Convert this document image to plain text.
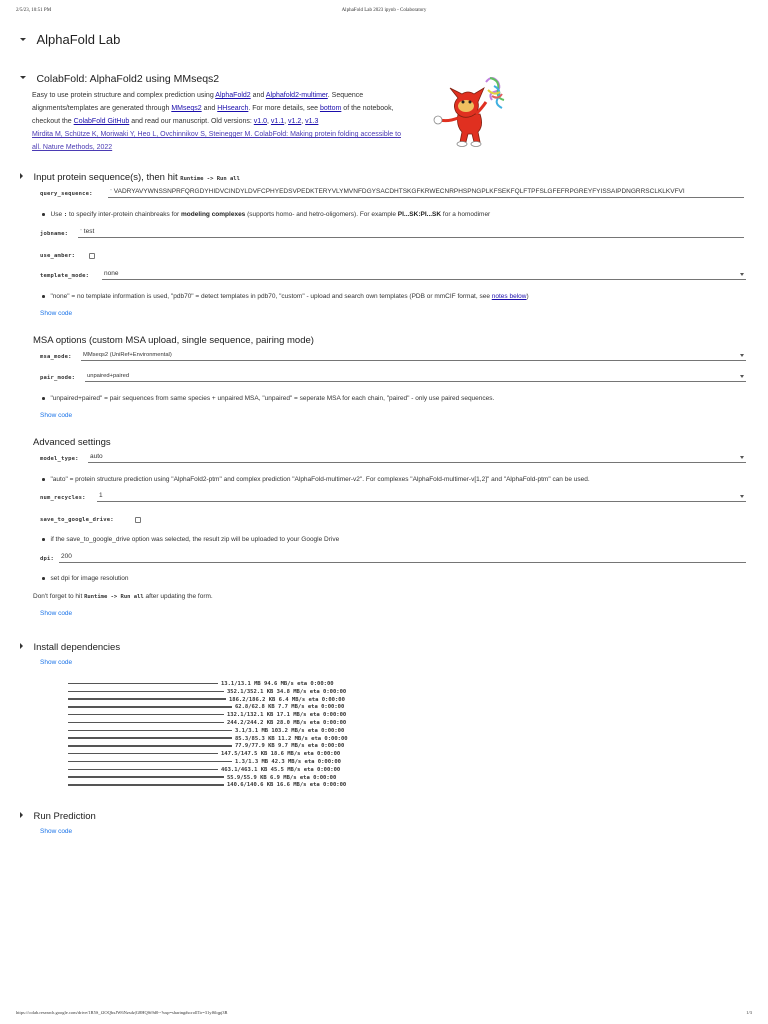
2/5/23, 10:51 PM	AlphaFold Lab 2023 ipynb - Colaboratory
AlphaFold Lab
ColabFold: AlphaFold2 using MMseqs2
Easy to use protein structure and complex prediction using AlphaFold2 and Alphafold2-multimer. Sequence alignments/templates are generated through MMseqs2 and HHsearch. For more details, see bottom of the notebook, checkout the ColabFold GitHub and read our manuscript. Old versions: v1.0, v1.1, v1.2, v1.3
Mirdita M, Schütze K, Moriwaki Y, Heo L, Ovchinnikov S, Steinegger M. ColabFold: Making protein folding accessible to all. Nature Methods, 2022
Input protein sequence(s), then hit Runtime -> Run all
query_sequence:	" VADRYAVYWNSSNPRFQRGDYHIDVCINDYLDVFCPHYEDSVPEDKTERYVLYMVNFDGYSACDHTSKGFKRWECNRPHSPNGPLKFSEKFQLFTPFSLGFEFRPGREYFYISSAIPDNGRRSCLKLKVFVI
Use : to specify inter-protein chainbreaks for modeling complexes (supports homo- and hetro-oligomers). For example PI...SK:PI...SK for a homodimer
jobname:	" test
use_amber:
template_mode:	none
"none" = no template information is used, "pdb70" = detect templates in pdb70, "custom" - upload and search own templates (PDB or mmCIF format, see notes below)
Show code
MSA options (custom MSA upload, single sequence, pairing mode)
msa_mode:	MMseqs2 (UniRef+Environmental)
pair_mode:	unpaired+paired
"unpaired+paired" = pair sequences from same species + unpaired MSA, "unpaired" = seperate MSA for each chain, "paired" - only use paired sequences.
Show code
Advanced settings
model_type:	auto
"auto" = protein structure prediction using "AlphaFold2-ptm" and complex prediction "AlphaFold-multimer-v2". For complexes "AlphaFold-multimer-v[1,2]" and "AlphaFold-ptm" can be used.
num_recycles:	1
save_to_google_drive:
if the save_to_google_drive option was selected, the result zip will be uploaded to your Google Drive
dpi:	200
set dpi for image resolution
Don't forget to hit Runtime -> Run all after updating the form.
Show code
Install dependencies
Show code
13.1/13.1 MB 94.6 MB/s eta 0:00:00
352.1/352.1 KB 34.8 MB/s eta 0:00:00
186.2/186.2 KB 6.4 MB/s eta 0:00:00
62.8/62.8 KB 7.7 MB/s eta 0:00:00
132.1/132.1 KB 17.1 MB/s eta 0:00:00
244.2/244.2 KB 28.0 MB/s eta 0:00:00
3.1/3.1 MB 103.2 MB/s eta 0:00:00
85.3/85.3 KB 11.2 MB/s eta 0:00:00
77.9/77.9 KB 9.7 MB/s eta 0:00:00
147.5/147.5 KB 18.6 MB/s eta 0:00:00
1.3/1.3 MB 42.3 MB/s eta 0:00:00
463.1/463.1 KB 45.5 MB/s eta 0:00:00
55.9/55.9 KB 6.9 MB/s eta 0:00:00
140.6/140.6 KB 16.6 MB/s eta 0:00:00
Run Prediction
Show code
https://colab.research.google.com/drive/1R5S_f2OQbxJW6Nzsdz|G8HQSt9d0--?usp=sharing#scrollTo=31yf6lqpj3R	1/3
